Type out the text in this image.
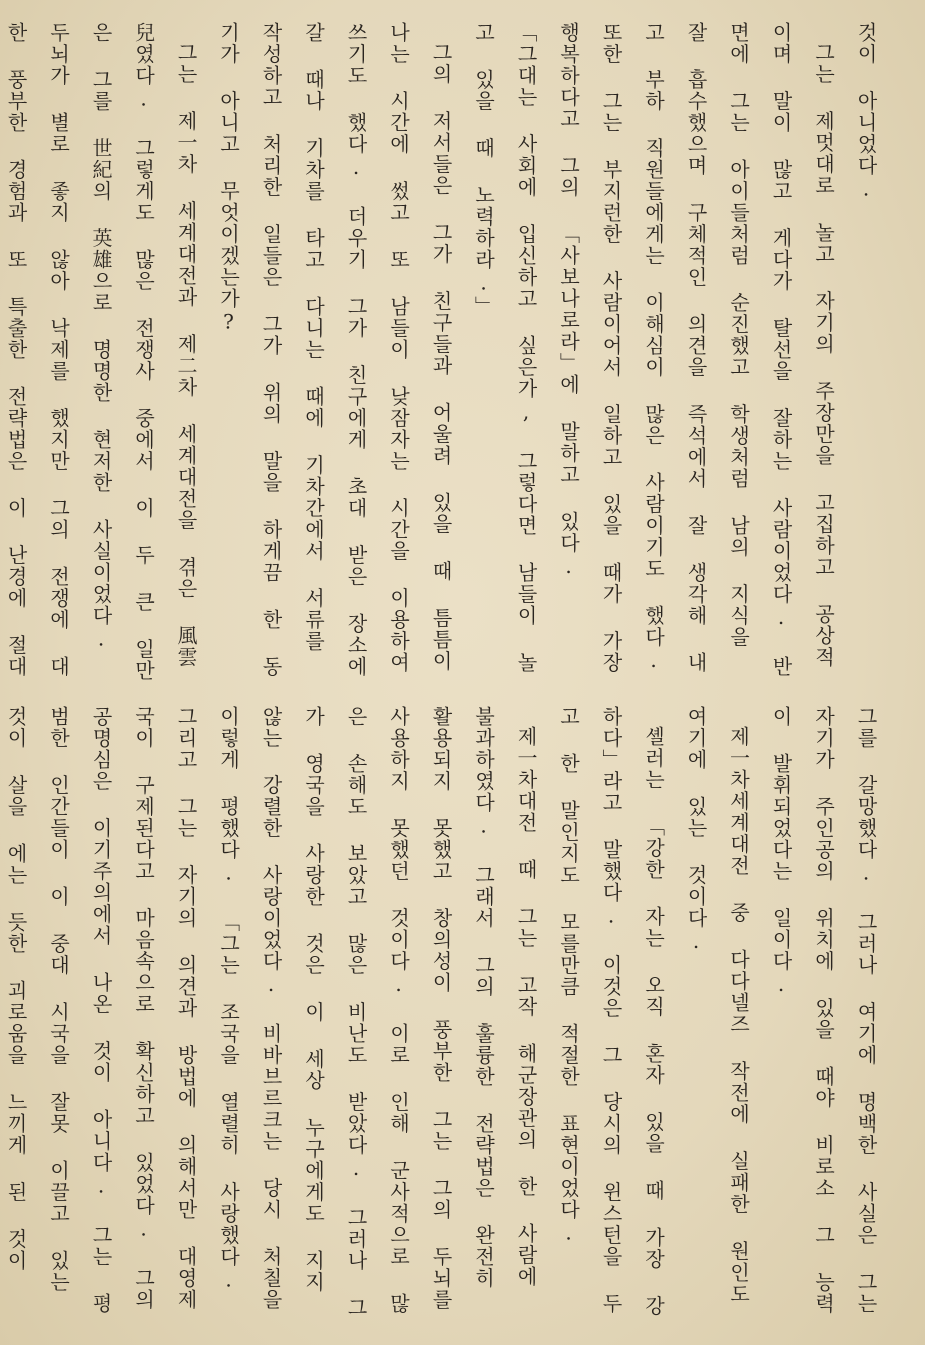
것이 아니었다.

그는 제멋대로 놀고 자기의 주장만을 고집하고 공상적이며 말이 많고 게다가 탈선을 잘하는 사람이었다. 반면에 그는 아이들처럼 순진했고 학생처럼 남의 지식을 잘 흡수했으며 구체적인 의견을 즉석에서 잘 생각해 내고 부하 직원들에게는 이해심이 많은 사람이기도 했다. 또한 그는 부지런한 사람이어서 일하고 있을 때가 가장 행복하다고 그의 「사보나로라」에 말하고 있다.

「그대는 사회에 입신하고 싶은가, 그렇다면 남들이 놀고 있을 때 노력하라.」

그의 저서들은 그가 친구들과 어울려 있을 때 틈틈이 나는 시간에 썼고 또 남들이 낮잠자는 시간을 이용하여 쓰기도 했다. 더우기 그가 친구에게 초대 받은 장소에 갈 때나 기차를 타고 다니는 때에 기차간에서 서류를 작성하고 처리한 일들은 그가 위의 말을 하게끔 한 동기가 아니고 무엇이겠는가?

그는 제一차 세계대전과 제二차 세계대전을 겪은 風雲兒였다. 그렇게도 많은 전쟁사 중에서 이 두 큰 일만은 그를 世紀의 英雄으로 명명한 현저한 사실이었다. 두뇌가 별로 좋지 않아 낙제를 했지만 그의 전쟁에 대한 풍부한 경험과 또 특출한 전략법은 이 난경에 절대

그를 갈망했다. 그러나 여기에 명백한 사실은 그는 자기가 주인공의 위치에 있을 때야 비로소 그 능력이 발휘되었다는 일이다.

제一차세계대전 중 다다넬즈 작전에 실패한 원인도 여기에 있는 것이다.

셸러는 「강한 자는 오직 혼자 있을 때 가장 강하다」라고 말했다. 이것은 그 당시의 윈스턴을 두고 한 말인지도 모를만큼 적절한 표현이었다.

제一차대전 때 그는 고작 해군장관의 한 사람에 불과하였다. 그래서 그의 훌륭한 전략법은 완전히 활용되지 못했고 창의성이 풍부한 그는 그의 두뇌를 사용하지 못했던 것이다. 이로 인해 군사적으로 많은 손해도 보았고 많은 비난도 받았다. 그러나 그가 영국을 사랑한 것은 이 세상 누구에게도 지지 않는 강렬한 사랑이었다. 비바브르크는 당시 처칠을 이렇게 평했다. 「그는 조국을 열렬히 사랑했다. 그리고 그는 자기의 의견과 방법에 의해서만 대영제국이 구제된다고 마음속으로 확신하고 있었다. 그의 공명심은 이기주의에서 나온 것이 아니다. 그는 평범한 인간들이 이 중대 시국을 잘못 이끌고 있는 것이 살을 에는 듯한 괴로움을 느끼게 된 것이
